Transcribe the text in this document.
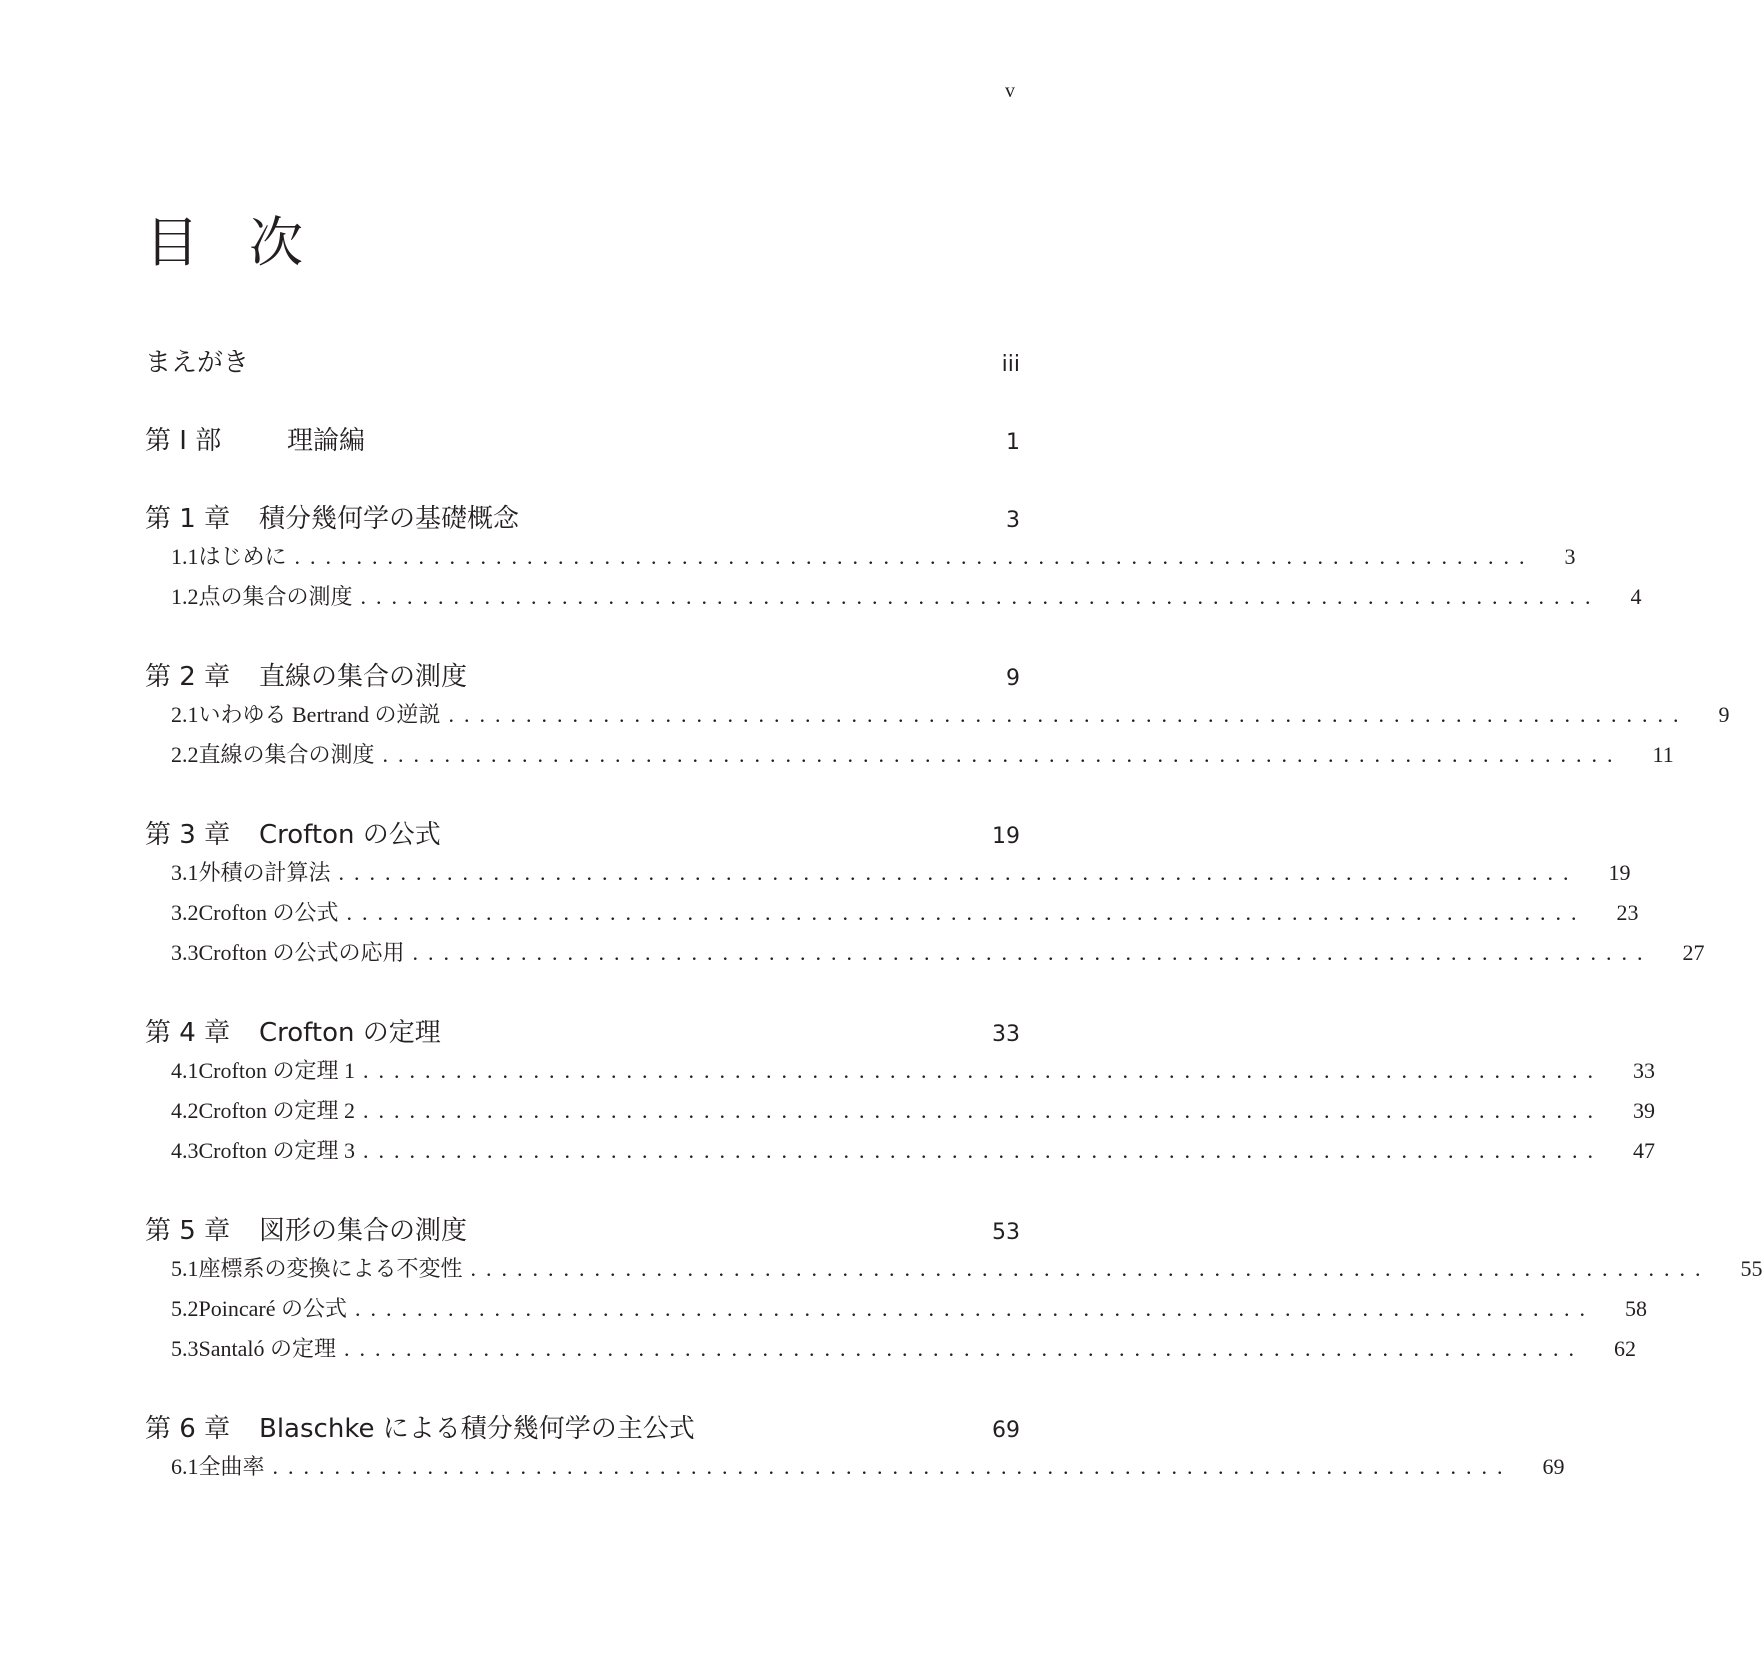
v
目 次
まえがき	iii
第 I 部	理論編	1
第 1 章	積分幾何学の基礎概念	3
1.1 はじめに ................................................................................ 3
1.2 点の集合の測度 ................................................................................ 4
第 2 章	直線の集合の測度	9
2.1 いわゆる Bertrand の逆説 ................................................................................ 9
2.2 直線の集合の測度 ................................................................................ 11
第 3 章	Crofton の公式	19
3.1 外積の計算法 ................................................................................ 19
3.2 Crofton の公式 ................................................................................ 23
3.3 Crofton の公式の応用 ................................................................................ 27
第 4 章	Crofton の定理	33
4.1 Crofton の定理 1 ................................................................................ 33
4.2 Crofton の定理 2 ................................................................................ 39
4.3 Crofton の定理 3 ................................................................................ 47
第 5 章	図形の集合の測度	53
5.1 座標系の変換による不変性 ................................................................................ 55
5.2 Poincaré の公式 ................................................................................ 58
5.3 Santaló の定理 ................................................................................ 62
第 6 章	Blaschke による積分幾何学の主公式	69
6.1 全曲率 ................................................................................ 69
